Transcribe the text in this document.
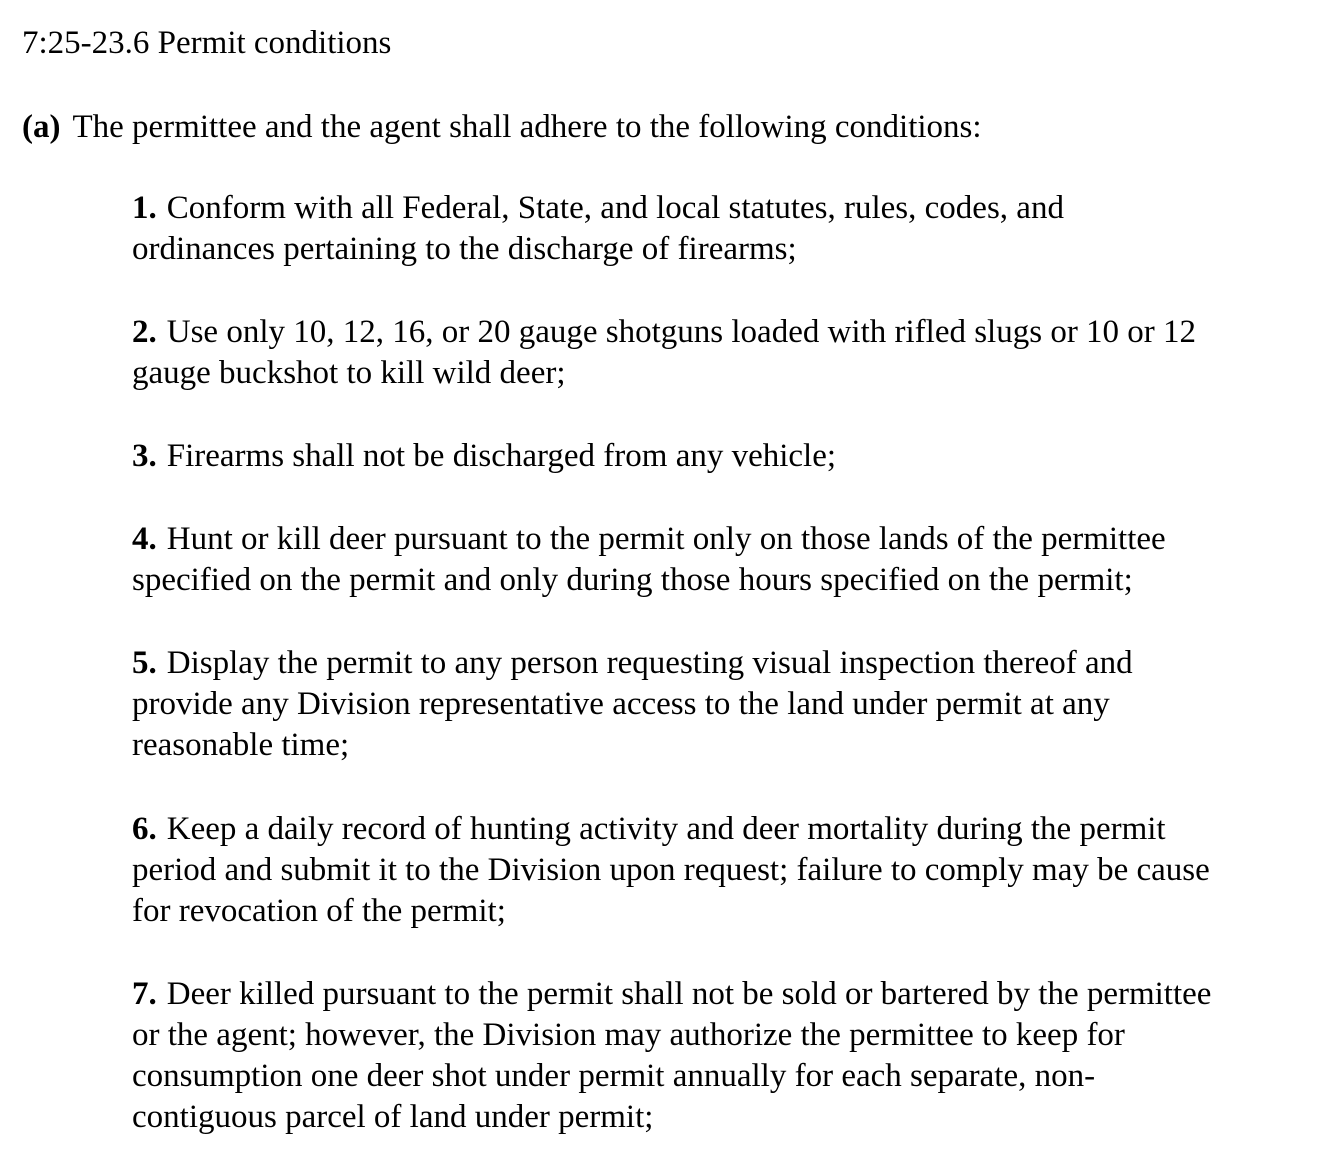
7:25-23.6 Permit conditions
(a) The permittee and the agent shall adhere to the following conditions:
1. Conform with all Federal, State, and local statutes, rules, codes, and
ordinances pertaining to the discharge of firearms;
2. Use only 10, 12, 16, or 20 gauge shotguns loaded with rifled slugs or 10 or 12
gauge buckshot to kill wild deer;
3. Firearms shall not be discharged from any vehicle;
4. Hunt or kill deer pursuant to the permit only on those lands of the permittee
specified on the permit and only during those hours specified on the permit;
5. Display the permit to any person requesting visual inspection thereof and
provide any Division representative access to the land under permit at any
reasonable time;
6. Keep a daily record of hunting activity and deer mortality during the permit
period and submit it to the Division upon request; failure to comply may be cause
for revocation of the permit;
7. Deer killed pursuant to the permit shall not be sold or bartered by the permittee
or the agent; however, the Division may authorize the permittee to keep for
consumption one deer shot under permit annually for each separate, non-
contiguous parcel of land under permit;
